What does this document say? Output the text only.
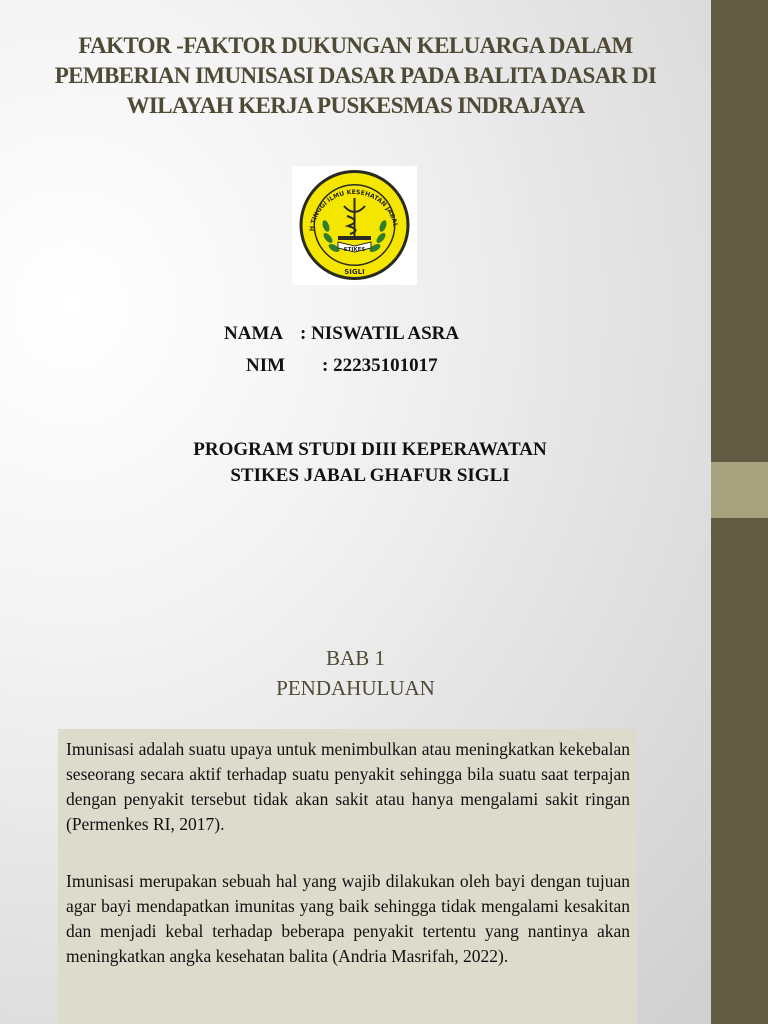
FAKTOR -FAKTOR DUKUNGAN KELUARGA DALAM
PEMBERIAN IMUNISASI DASAR PADA BALITA DASAR DI
WILAYAH KERJA PUSKESMAS INDRAJAYA
H TINGGI ILMU KESEHATAN JABAL
STIKES
SIGLI
NAMA : NISWATIL ASRA
NIM : 22235101017
PROGRAM STUDI DIII KEPERAWATAN
STIKES JABAL GHAFUR SIGLI
BAB 1
PENDAHULUAN

Imunisasi adalah suatu upaya untuk menimbulkan atau meningkatkan kekebalan seseorang secara aktif terhadap suatu penyakit sehingga bila suatu saat terpajan dengan penyakit tersebut tidak akan sakit atau hanya mengalami sakit ringan (Permenkes RI, 2017).

Imunisasi merupakan sebuah hal yang wajib dilakukan oleh bayi dengan tujuan agar bayi mendapatkan imunitas yang baik sehingga tidak mengalami kesakitan dan menjadi kebal terhadap beberapa penyakit tertentu yang nantinya akan meningkatkan angka kesehatan balita (Andria Masrifah, 2022).
